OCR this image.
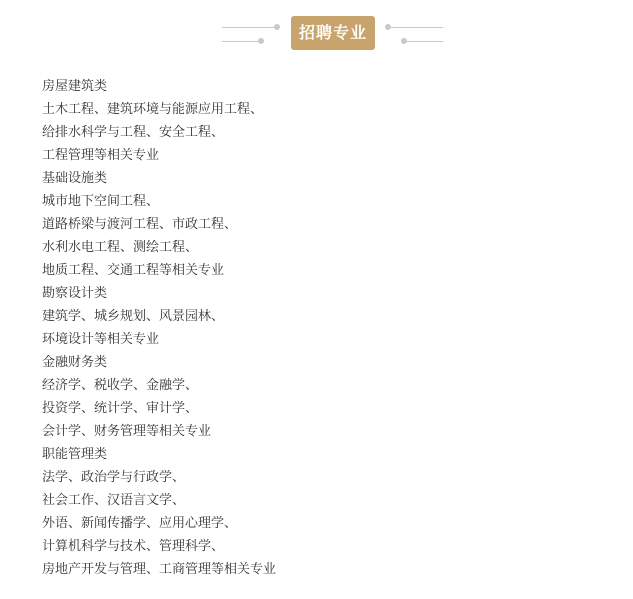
招聘专业
房屋建筑类
土木工程、建筑环境与能源应用工程、
给排水科学与工程、安全工程、
工程管理等相关专业
基础设施类
城市地下空间工程、
道路桥梁与渡河工程、市政工程、
水利水电工程、测绘工程、
地质工程、交通工程等相关专业
勘察设计类
建筑学、城乡规划、风景园林、
环境设计等相关专业
金融财务类
经济学、税收学、金融学、
投资学、统计学、审计学、
会计学、财务管理等相关专业
职能管理类
法学、政治学与行政学、
社会工作、汉语言文学、
外语、新闻传播学、应用心理学、
计算机科学与技术、管理科学、
房地产开发与管理、工商管理等相关专业
